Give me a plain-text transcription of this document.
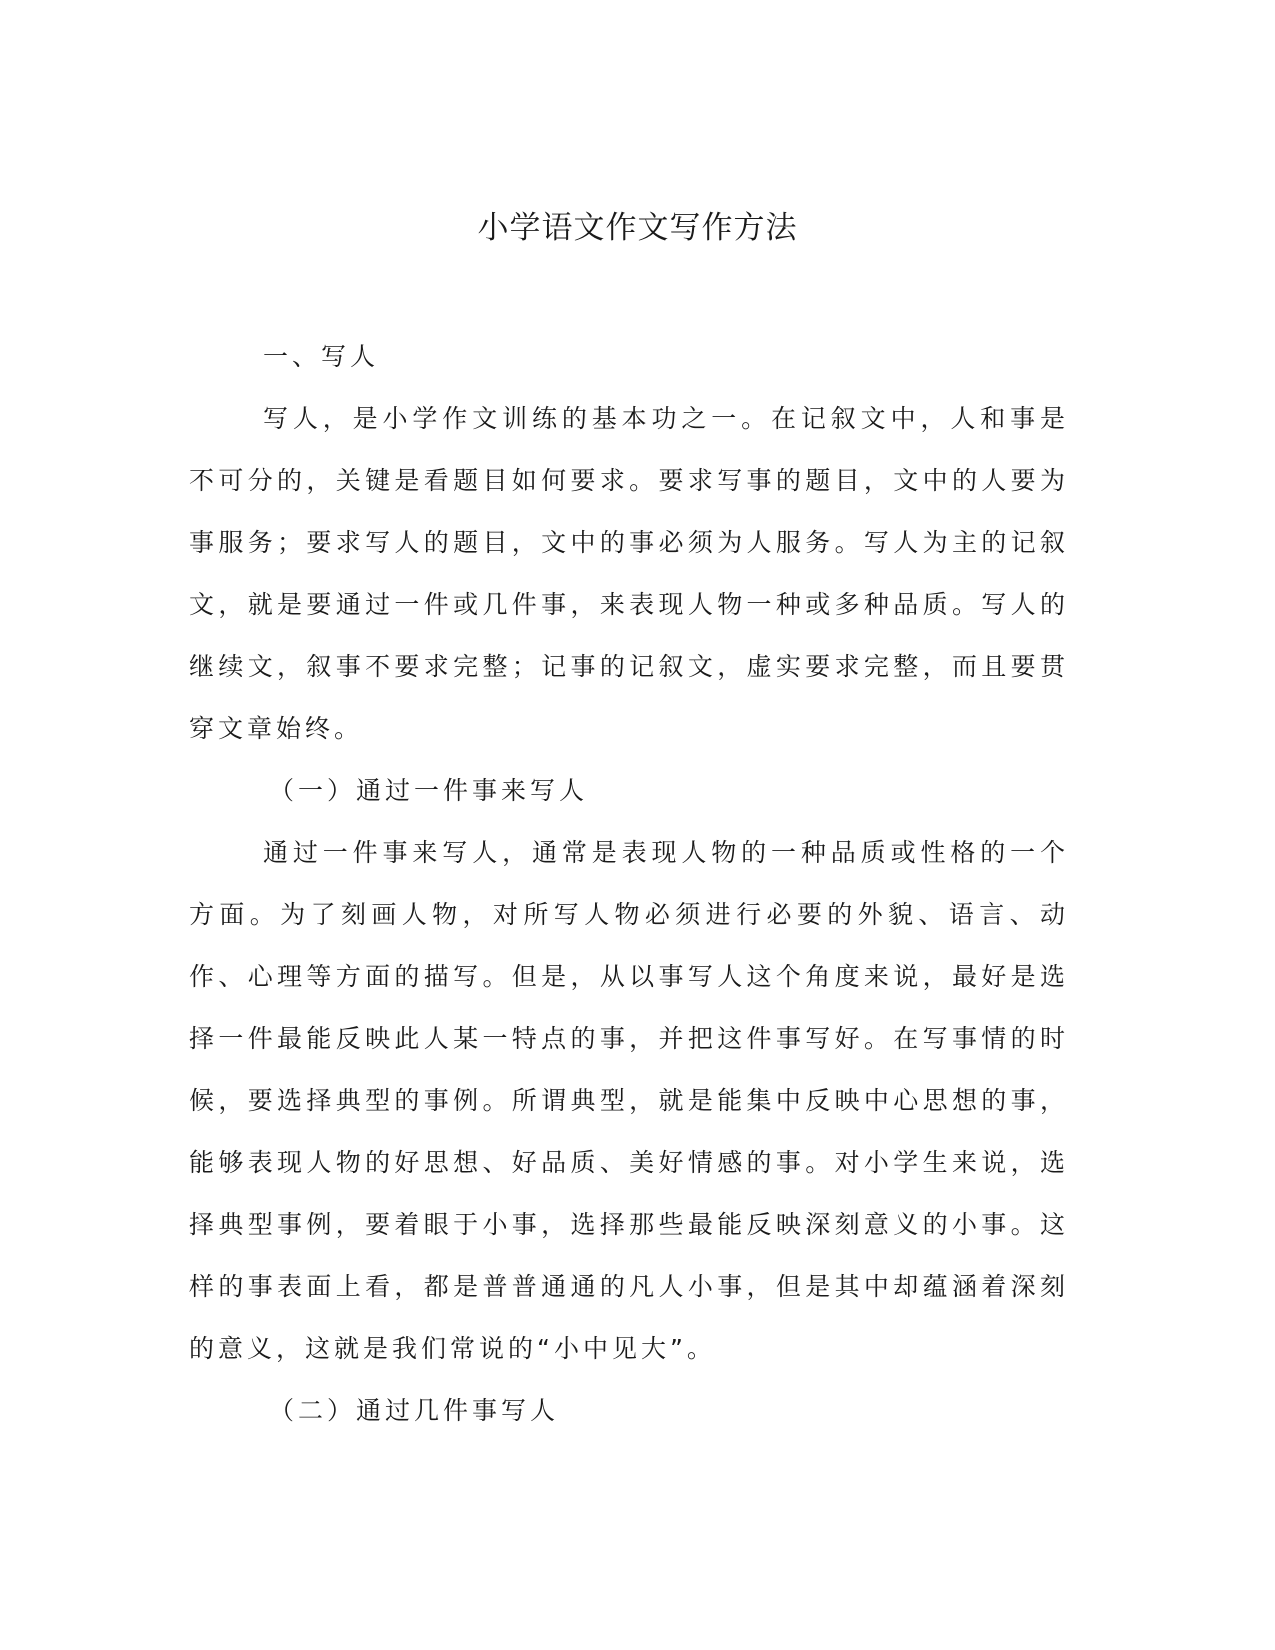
小学语文作文写作方法

一、写人

写人，是小学作文训练的基本功之一。在记叙文中，人和事是不可分的，关键是看题目如何要求。要求写事的题目，文中的人要为事服务；要求写人的题目，文中的事必须为人服务。写人为主的记叙文，就是要通过一件或几件事，来表现人物一种或多种品质。写人的继续文，叙事不要求完整；记事的记叙文，虚实要求完整，而且要贯穿文章始终。

（一）通过一件事来写人

通过一件事来写人，通常是表现人物的一种品质或性格的一个方面。为了刻画人物，对所写人物必须进行必要的外貌、语言、动作、心理等方面的描写。但是，从以事写人这个角度来说，最好是选择一件最能反映此人某一特点的事，并把这件事写好。在写事情的时候，要选择典型的事例。所谓典型，就是能集中反映中心思想的事，能够表现人物的好思想、好品质、美好情感的事。对小学生来说，选择典型事例，要着眼于小事，选择那些最能反映深刻意义的小事。这样的事表面上看，都是普普通通的凡人小事，但是其中却蕴涵着深刻的意义，这就是我们常说的“小中见大”。

（二）通过几件事写人
